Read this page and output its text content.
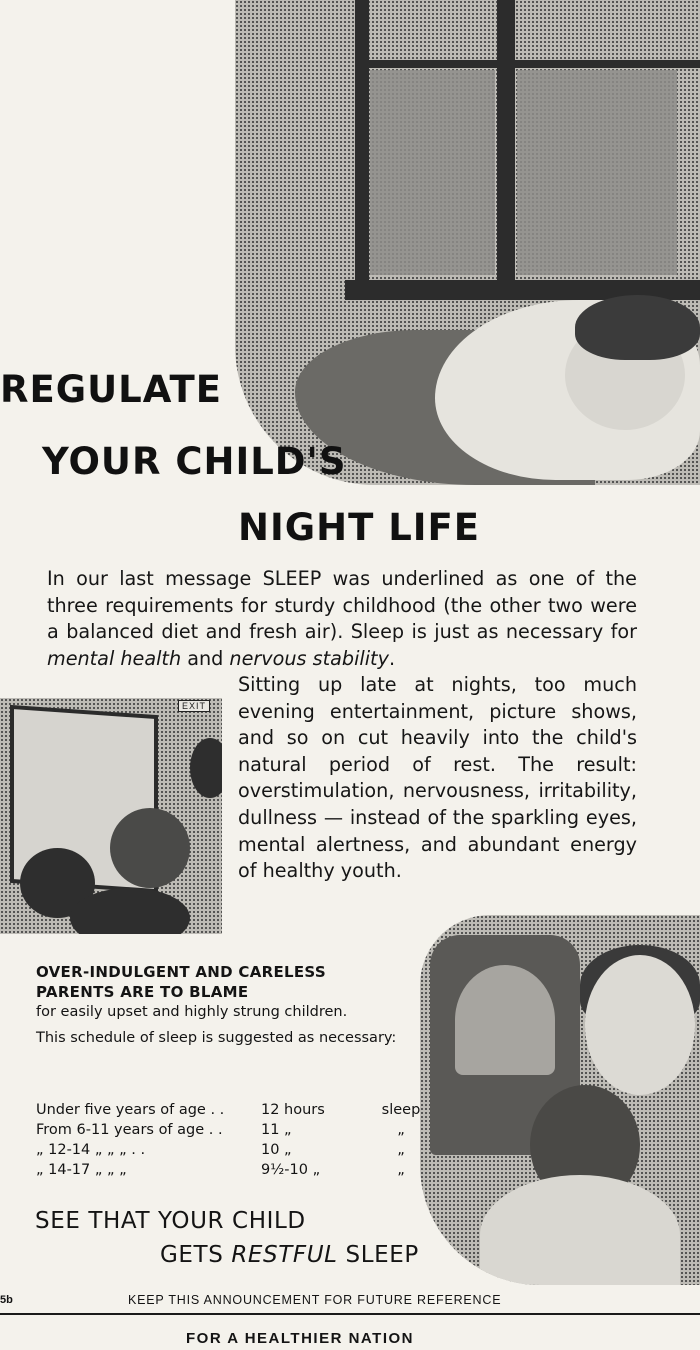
REGULATE
YOUR CHILD'S
NIGHT LIFE

In our last message SLEEP was underlined as one of the three requirements for sturdy childhood (the other two were a balanced diet and fresh air). Sleep is just as necessary for mental health and nervous stability.

EXIT

Sitting up late at nights, too much evening entertainment, picture shows, and so on cut heavily into the child's natural period of rest. The result: overstimulation, nervousness, irritability, dullness — instead of the sparkling eyes, mental alertness, and abundant energy of healthy youth.

OVER-INDULGENT AND CARELESS PARENTS ARE TO BLAME

for easily upset and highly strung children.

This schedule of sleep is suggested as necessary:

Under five years of age . .	12 hours	sleep
From 6-11 years of age . .	11 „	„
„ 12-14 „ „ „ . .	10 „	„
„ 14-17 „ „ „	9½-10 „	„
SEE THAT YOUR CHILD
GETS RESTFUL SLEEP
5b	KEEP THIS ANNOUNCEMENT FOR FUTURE REFERENCE
FOR A HEALTHIER NATION
